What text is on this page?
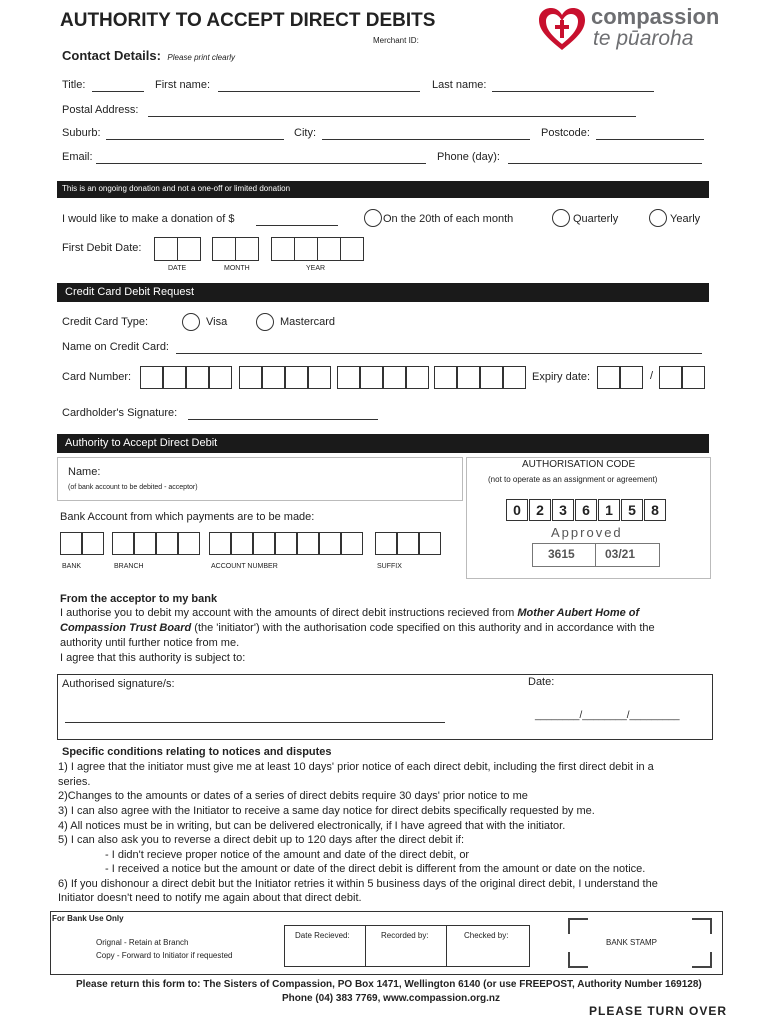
AUTHORITY TO ACCEPT DIRECT DEBITS
Merchant ID:
Contact Details: Please print clearly
compassion
te pūaroha
Title:	First name:	Last name:
Postal Address:
Suburb:	City:	Postcode:
Email:	Phone (day):
This is an ongoing donation and not a one-off or limited donation
I would like to make a donation of $	On the 20th of each month	Quarterly	Yearly
First Debit Date:
DATE	MONTH	YEAR
Credit Card Debit Request
Credit Card Type:	Visa	Mastercard
Name on Credit Card:
Card Number:	Expiry date:	/
Cardholder's Signature:
Authority to Accept Direct Debit
Name:
(of bank account to be debited - acceptor)
Bank Account from which payments are to be made:
BANK	BRANCH	ACCOUNT NUMBER	SUFFIX
AUTHORISATION CODE
(not to operate as an assignment or agreement)
0	2	3	6	1	5	8
Approved
3615	03/21
From the acceptor to my bank
I authorise you to debit my account with the amounts of direct debit instructions recieved from Mother Aubert Home of
Compassion Trust Board (the 'initiator') with the authorisation code specified on this authority and in accordance with the
authority until further notice from me.
I agree that this authority is subject to:
Authorised signature/s:	Date:
________/________/_________
Specific conditions relating to notices and disputes
1) I agree that the initiator must give me at least 10 days' prior notice of each direct debit, including the first direct debit in a
series.
2)Changes to the amounts or dates of a series of direct debits require 30 days' prior notice to me
3) I can also agree with the Initiator to receive a same day notice for direct debits specifically requested by me.
4) All notices must be in writing, but can be delivered electronically, if I have agreed that with the initiator.
5) I can also ask you to reverse a direct debit up to 120 days after the direct debit if:
- I didn't recieve proper notice of the amount and date of the direct debit, or
- I received a notice but the amount or date of the direct debit is different from the amount or date on the notice.
6) If you dishonour a direct debit but the Initiator retries it within 5 business days of the original direct debit, I understand the
Initiator doesn't need to notify me again about that direct debit.
For Bank Use Only
Orignal - Retain at Branch
Copy - Forward to Initiator if requested
Date Recieved:	Recorded by:	Checked by:
BANK STAMP
Please return this form to: The Sisters of Compassion, PO Box 1471, Wellington 6140 (or use FREEPOST, Authority Number 169128)
Phone (04) 383 7769, www.compassion.org.nz
PLEASE TURN OVER
